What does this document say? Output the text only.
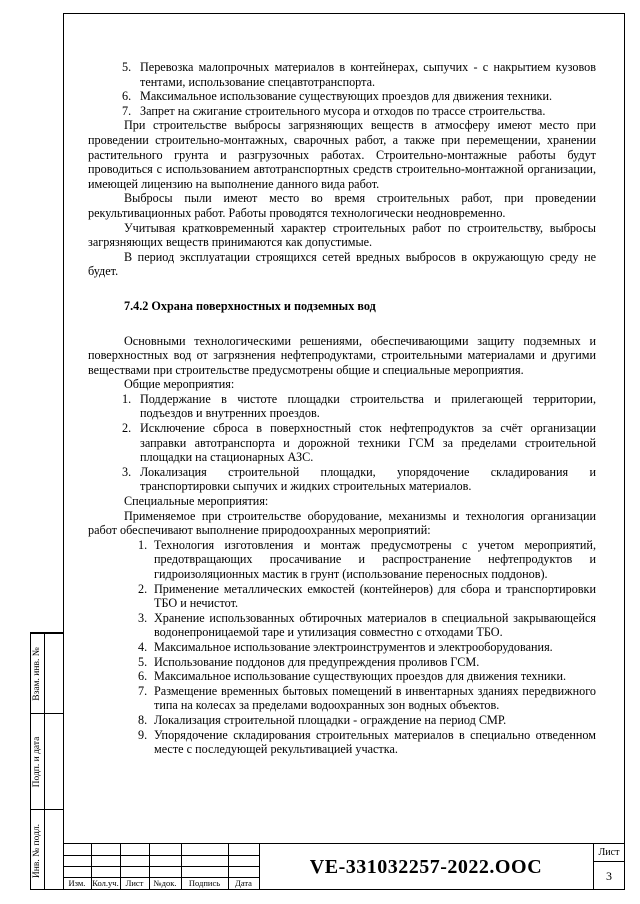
Взам. инв. №
Подп. и дата
Инв. № подл.
5. Перевозка малопрочных материалов в контейнерах, сыпучих - с накрытием кузовов тентами, использование спецавтотранспорта.
6. Максимальное использование существующих проездов для движения техники.
7. Запрет на сжигание строительного мусора и отходов по трассе строительства.

При строительстве выбросы загрязняющих веществ в атмосферу имеют место при проведении строительно-монтажных, сварочных работ, а также при перемещении, хранении растительного грунта и разгрузочных работах. Строительно-монтажные работы будут проводиться с использованием автотранспортных средств строительно-монтажной организации, имеющей лицензию на выполнение данного вида работ.

Выбросы пыли имеют место во время строительных работ, при проведении рекультивационных работ. Работы проводятся технологически неодновременно.

Учитывая кратковременный характер строительных работ по строительству, выбросы загрязняющих веществ принимаются как допустимые.

В период эксплуатации строящихся сетей вредных выбросов в окружающую среду не будет.

7.4.2 Охрана поверхностных и подземных вод

Основными технологическими решениями, обеспечивающими защиту подземных и поверхностных вод от загрязнения нефтепродуктами, строительными материалами и другими веществами при строительстве предусмотрены общие и специальные мероприятия.

Общие мероприятия:

1. Поддержание в чистоте площадки строительства и прилегающей территории, подъездов и внутренних проездов.
2. Исключение сброса в поверхностный сток нефтепродуктов за счёт организации заправки автотранспорта и дорожной техники ГСМ за пределами строительной площадки на стационарных АЗС.
3. Локализация строительной площадки, упорядочение складирования и транспортировки сыпучих и жидких строительных материалов.

Специальные мероприятия:

Применяемое при строительстве оборудование, механизмы и технология организации работ обеспечивают выполнение природоохранных мероприятий:

1. Технология изготовления и монтаж предусмотрены с учетом мероприятий, предотвращающих просачивание и распространение нефтепродуктов и гидроизоляционных мастик в грунт (использование переносных поддонов).
2. Применение металлических емкостей (контейнеров) для сбора и транспортировки ТБО и нечистот.
3. Хранение использованных обтирочных материалов в специальной закрывающейся водонепроницаемой таре и утилизация совместно с отходами ТБО.
4. Максимальное использование электроинструментов и электрооборудования.
5. Использование поддонов для предупреждения проливов ГСМ.
6. Максимальное использование существующих проездов для движения техники.
7. Размещение временных бытовых помещений в инвентарных зданиях передвижного типа на колесах за пределами водоохранных зон водных объектов.
8. Локализация строительной площадки - ограждение на период СМР.
9. Упорядочение складирования строительных материалов в специально отведенном месте с последующей рекультивацией участка.
Изм. Кол.уч. Лист	№док.	Подпись	Дата
VE-331032257-2022.ООС
Лист
3
